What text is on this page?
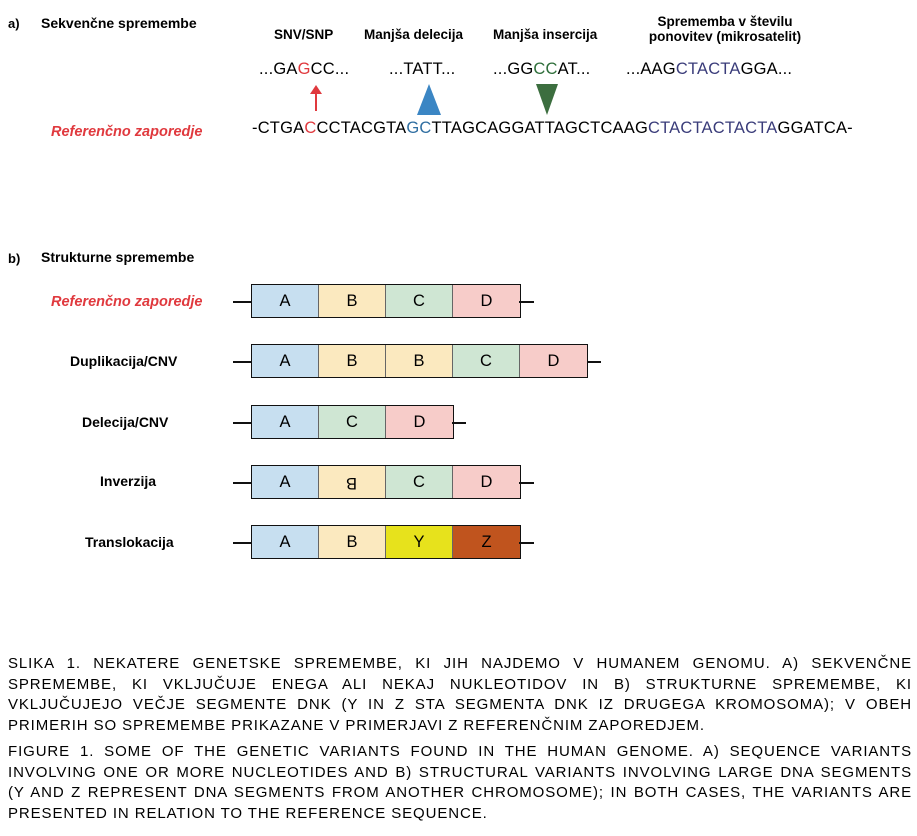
a) Sekvenčne spremembe
SNV/SNP Manjša delecija Manjša insercija
Sprememba v številu
ponovitev (mikrosatelit)
...GAGCC... ...TATT... ...GGCCAT... ...AAGCTACTAGGA...
Referenčno zaporedje	-CTGACCCTACGTAGCTTAGCAGGATTAGCTCAAGCTACTACTACTAGGATCA-
b) Strukturne spremembe
Referenčno zaporedje	A	B	C	D
Duplikacija/CNV	A	B	B	C	D
Delecija/CNV	A	C	D
Inverzija	A	B	C	D
Translokacija	A	B	Y	Z
SLIKA 1. NEKATERE GENETSKE SPREMEMBE, KI JIH NAJDEMO V HUMANEM GENOMU. A) SEKVENČNE SPREMEMBE, KI VKLJUČUJE ENEGA ALI NEKAJ NUKLEOTIDOV IN B) STRUKTURNE SPREMEMBE, KI VKLJUČUJEJO VEČJE SEGMENTE DNK (Y IN Z STA SEGMENTA DNK IZ DRUGEGA KROMOSOMA); V OBEH PRIMERIH SO SPREMEMBE PRIKAZANE V PRIMERJAVI Z REFERENČNIM ZAPOREDJEM.
FIGURE 1. SOME OF THE GENETIC VARIANTS FOUND IN THE HUMAN GENOME. A) SEQUENCE VARIANTS INVOLVING ONE OR MORE NUCLEOTIDES AND B) STRUCTURAL VARIANTS INVOLVING LARGE DNA SEGMENTS (Y AND Z REPRESENT DNA SEGMENTS FROM ANOTHER CHROMOSOME); IN BOTH CASES, THE VARIANTS ARE PRESENTED IN RELATION TO THE REFERENCE SEQUENCE.
